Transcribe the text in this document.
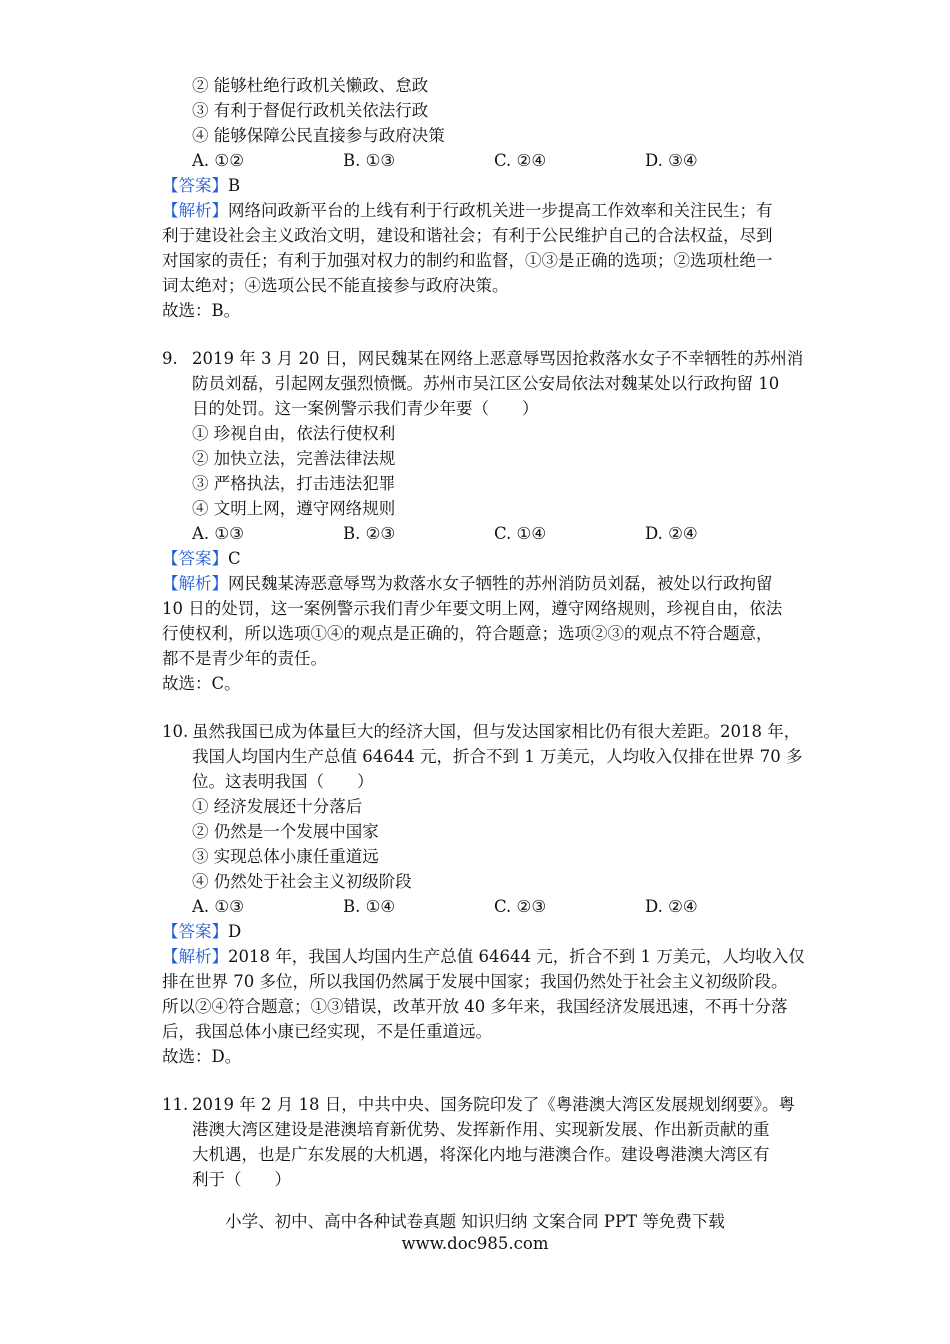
② 能够杜绝行政机关懒政、怠政
③ 有利于督促行政机关依法行政
④ 能够保障公民直接参与政府决策
A. ①②	B. ①③	C. ②④	D. ③④
【答案】B
【解析】网络问政新平台的上线有利于行政机关进一步提高工作效率和关注民生；有
利于建设社会主义政治文明，建设和谐社会；有利于公民维护自己的合法权益，尽到
对国家的责任；有利于加强对权力的制约和监督，①③是正确的选项；②选项杜绝一
词太绝对；④选项公民不能直接参与政府决策。
故选：B。
9. 2019 年 3 月 20 日，网民魏某在网络上恶意辱骂因抢救落水女子不幸牺牲的苏州消
防员刘磊，引起网友强烈愤慨。苏州市吴江区公安局依法对魏某处以行政拘留 10
日的处罚。这一案例警示我们青少年要（　　）
① 珍视自由，依法行使权利
② 加快立法，完善法律法规
③ 严格执法，打击违法犯罪
④ 文明上网，遵守网络规则
A. ①③	B. ②③	C. ①④	D. ②④
【答案】C
【解析】网民魏某涛恶意辱骂为救落水女子牺牲的苏州消防员刘磊，被处以行政拘留
10 日的处罚，这一案例警示我们青少年要文明上网，遵守网络规则，珍视自由，依法
行使权利，所以选项①④的观点是正确的，符合题意；选项②③的观点不符合题意，
都不是青少年的责任。
故选：C。
10. 虽然我国已成为体量巨大的经济大国，但与发达国家相比仍有很大差距。2018 年，
我国人均国内生产总值 64644 元，折合不到 1 万美元，人均收入仅排在世界 70 多
位。这表明我国（　　）
① 经济发展还十分落后
② 仍然是一个发展中国家
③ 实现总体小康任重道远
④ 仍然处于社会主义初级阶段
A. ①③	B. ①④	C. ②③	D. ②④
【答案】D
【解析】2018 年，我国人均国内生产总值 64644 元，折合不到 1 万美元，人均收入仅
排在世界 70 多位，所以我国仍然属于发展中国家；我国仍然处于社会主义初级阶段。
所以②④符合题意；①③错误，改革开放 40 多年来，我国经济发展迅速，不再十分落
后，我国总体小康已经实现，不是任重道远。
故选：D。
11. 2019 年 2 月 18 日，中共中央、国务院印发了《粤港澳大湾区发展规划纲要》。粤
港澳大湾区建设是港澳培育新优势、发挥新作用、实现新发展、作出新贡献的重
大机遇，也是广东发展的大机遇，将深化内地与港澳合作。建设粤港澳大湾区有
利于（　　）
小学、初中、高中各种试卷真题 知识归纳 文案合同 PPT 等免费下载
www.doc985.com
